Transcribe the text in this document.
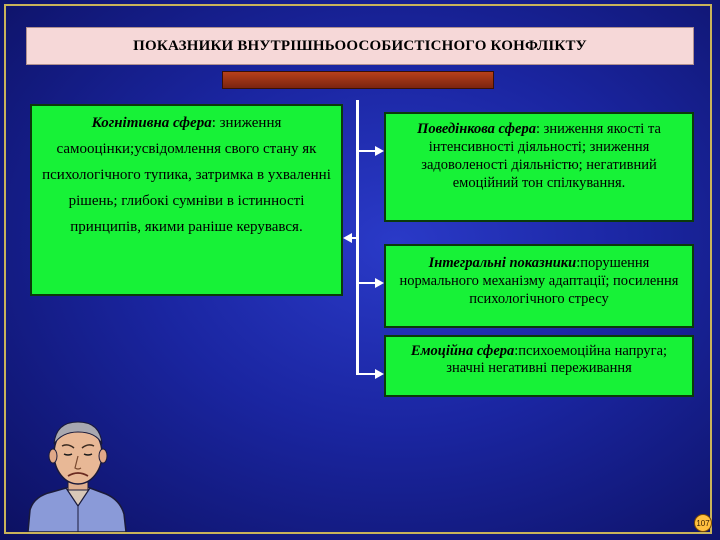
ПОКАЗНИКИ ВНУТРІШНЬООСОБИСТІСНОГО КОНФЛІКТУ
Когнітивна сфера: зниження самооцінки;усвідомлення свого стану як психологічного тупика, затримка в ухваленні рішень; глибокі сумніви в істинності принципів, якими раніше керувався.
Поведінкова сфера: зниження якості та інтенсивності діяльності; зниження задоволеності діяльністю; негативний емоційний тон спілкування.
Інтегральні показники:порушення нормального механізму адаптації; посилення психологічного стресу
Емоційна сфера:психоемоційна напруга; значні негативні переживання
107
